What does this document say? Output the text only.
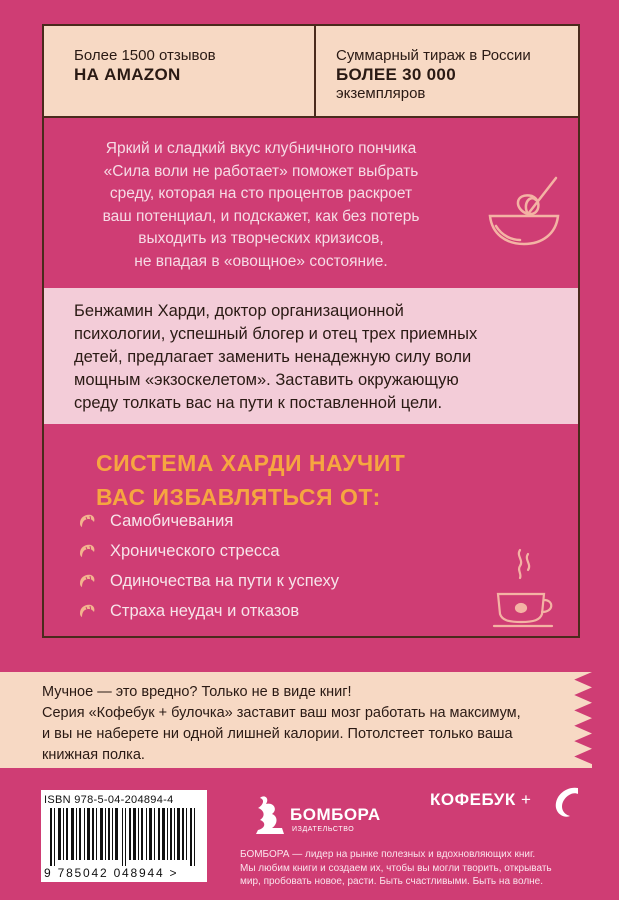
Более 1500 отзывов
НА AMAZON
Суммарный тираж в России
БОЛЕЕ 30 000
экземпляров
Яркий и сладкий вкус клубничного пончика
«Сила воли не работает» поможет выбрать
среду, которая на сто процентов раскроет
ваш потенциал, и подскажет, как без потерь
выходить из творческих кризисов,
не впадая в «овощное» состояние.
Бенжамин Харди, доктор организационной
психологии, успешный блогер и отец трех приемных
детей, предлагает заменить ненадежную силу воли
мощным «экзоскелетом». Заставить окружающую
среду толкать вас на пути к поставленной цели.
СИСТЕМА ХАРДИ НАУЧИТ
ВАС ИЗБАВЛЯТЬСЯ ОТ:
Самобичевания
Хронического стресса
Одиночества на пути к успеху
Страха неудач и отказов
Мучное — это вредно? Только не в виде книг!
Серия «Кофебук + булочка» заставит ваш мозг работать на максимум,
и вы не наберете ни одной лишней калории. Потолстеет только ваша
книжная полка.
ISBN 978-5-04-204894-4
9 785042 048944 >
БОМБОРА
ИЗДАТЕЛЬСТВО
КОФЕБУК +
БОМБОРА — лидер на рынке полезных и вдохновляющих книг.
Мы любим книги и создаем их, чтобы вы могли творить, открывать
мир, пробовать новое, расти. Быть счастливыми. Быть на волне.
